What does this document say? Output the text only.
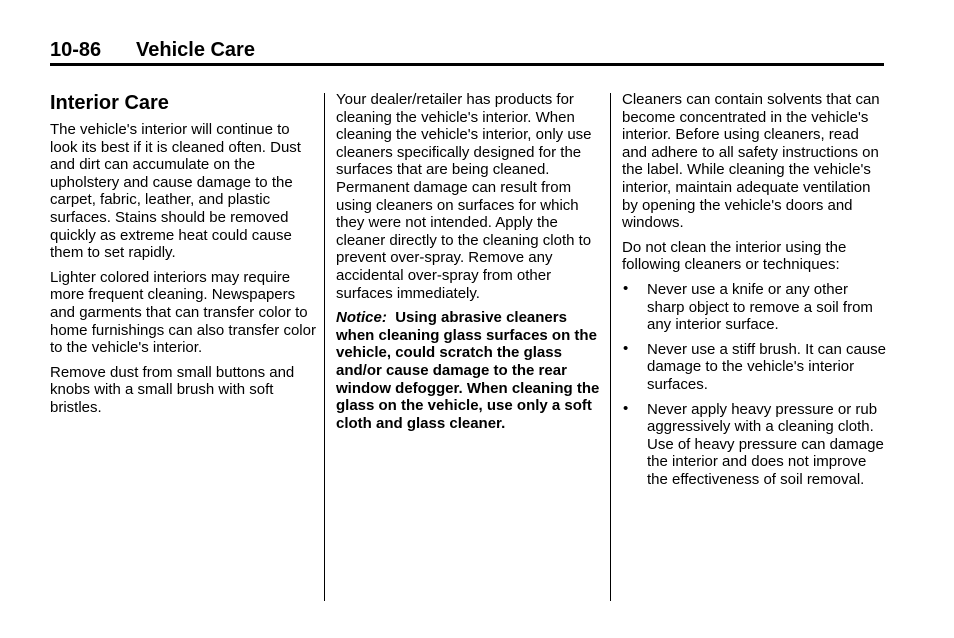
10-86 Vehicle Care
Interior Care

The vehicle's interior will continue to look its best if it is cleaned often. Dust and dirt can accumulate on the upholstery and cause damage to the carpet, fabric, leather, and plastic surfaces. Stains should be removed quickly as extreme heat could cause them to set rapidly.

Lighter colored interiors may require more frequent cleaning. Newspapers and garments that can transfer color to home furnishings can also transfer color to the vehicle's interior.

Remove dust from small buttons and knobs with a small brush with soft bristles.

Your dealer/retailer has products for cleaning the vehicle's interior. When cleaning the vehicle's interior, only use cleaners specifically designed for the surfaces that are being cleaned. Permanent damage can result from using cleaners on surfaces for which they were not intended. Apply the cleaner directly to the cleaning cloth to prevent over-spray. Remove any accidental over-spray from other surfaces immediately.

Notice: Using abrasive cleaners when cleaning glass surfaces on the vehicle, could scratch the glass and/or cause damage to the rear window defogger. When cleaning the glass on the vehicle, use only a soft cloth and glass cleaner.

Cleaners can contain solvents that can become concentrated in the vehicle's interior. Before using cleaners, read and adhere to all safety instructions on the label. While cleaning the vehicle's interior, maintain adequate ventilation by opening the vehicle's doors and windows.

Do not clean the interior using the following cleaners or techniques:

• Never use a knife or any other sharp object to remove a soil from any interior surface.
• Never use a stiff brush. It can cause damage to the vehicle's interior surfaces.
• Never apply heavy pressure or rub aggressively with a cleaning cloth. Use of heavy pressure can damage the interior and does not improve the effectiveness of soil removal.
